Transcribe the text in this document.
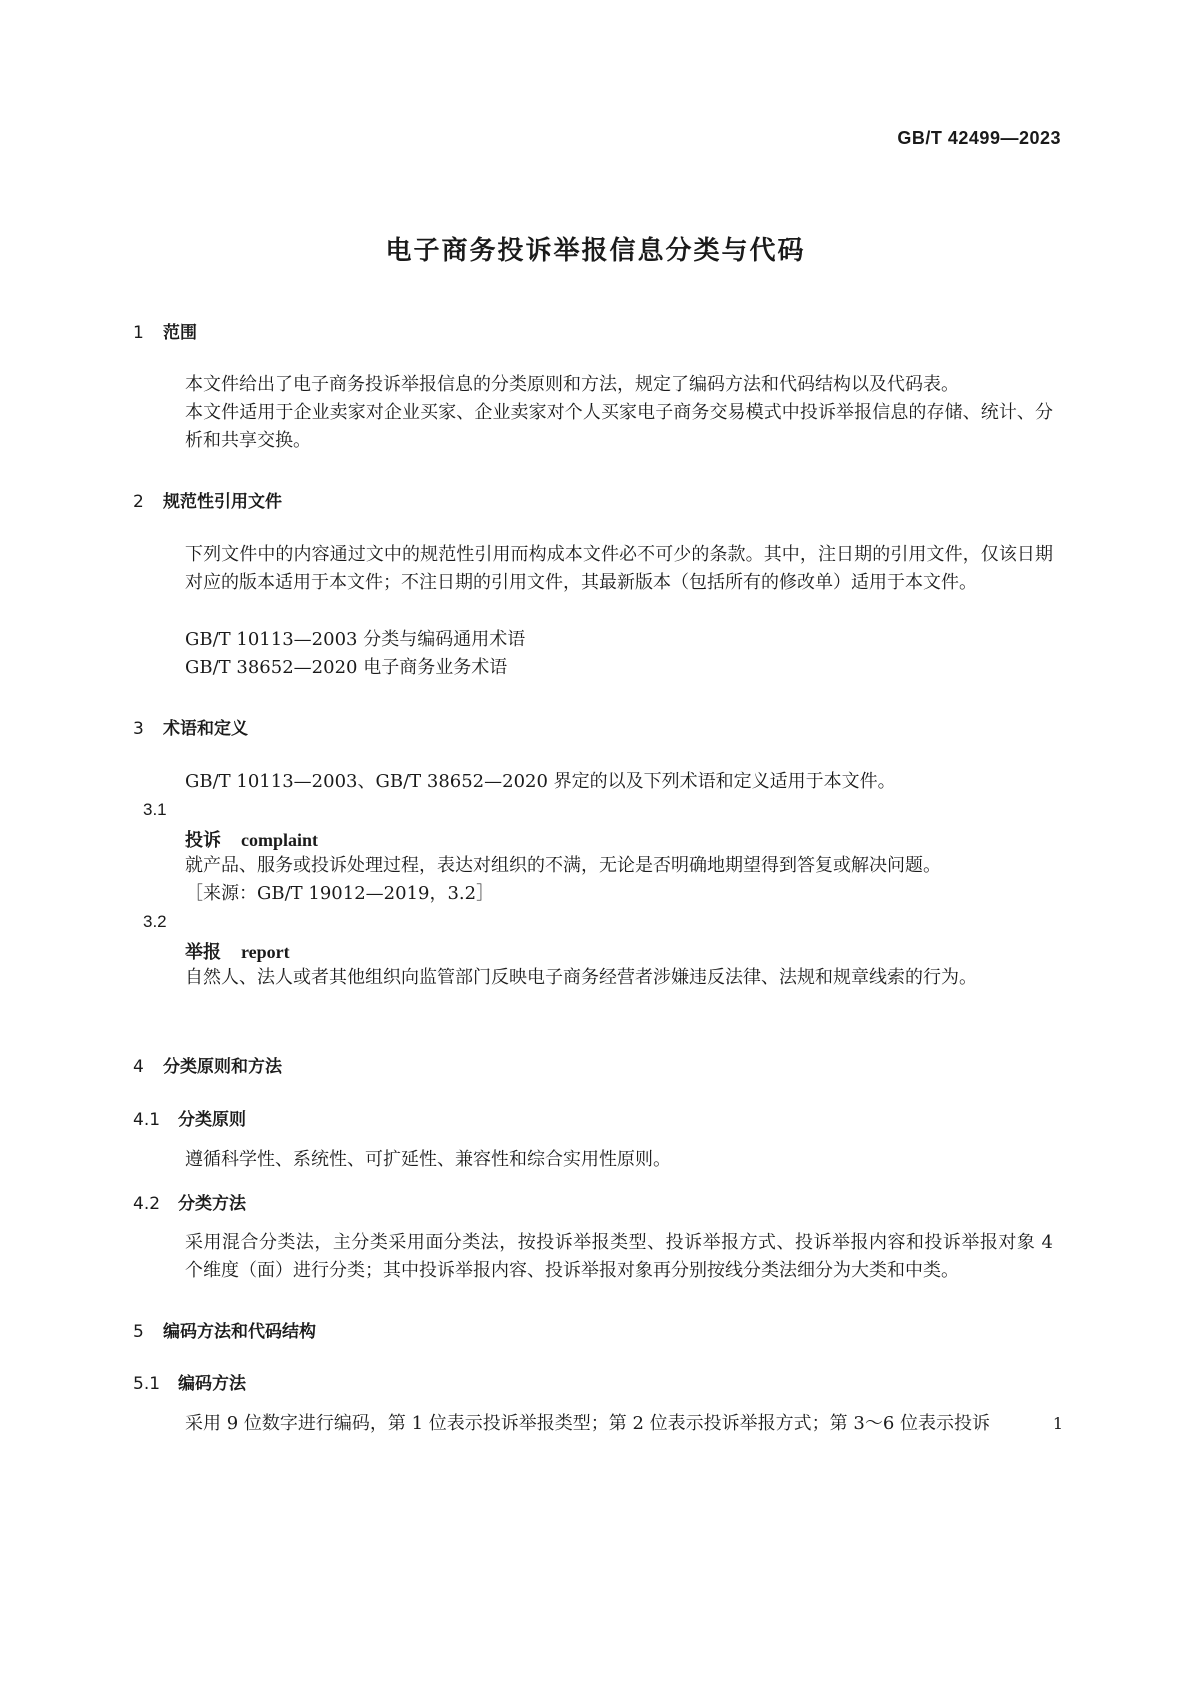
GB/T 42499—2023
电子商务投诉举报信息分类与代码
1 范围
本文件给出了电子商务投诉举报信息的分类原则和方法，规定了编码方法和代码结构以及代码表。
本文件适用于企业卖家对企业买家、企业卖家对个人买家电子商务交易模式中投诉举报信息的存储、统计、分析和共享交换。
2 规范性引用文件
下列文件中的内容通过文中的规范性引用而构成本文件必不可少的条款。其中，注日期的引用文件，仅该日期对应的版本适用于本文件；不注日期的引用文件，其最新版本（包括所有的修改单）适用于本文件。
GB/T 10113—2003 分类与编码通用术语
GB/T 38652—2020 电子商务业务术语
3 术语和定义
GB/T 10113—2003、GB/T 38652—2020 界定的以及下列术语和定义适用于本文件。
3.1
投诉 complaint
就产品、服务或投诉处理过程，表达对组织的不满，无论是否明确地期望得到答复或解决问题。
［来源：GB/T 19012—2019，3.2］
3.2
举报 report
自然人、法人或者其他组织向监管部门反映电子商务经营者涉嫌违反法律、法规和规章线索的行为。
4 分类原则和方法
4.1 分类原则
遵循科学性、系统性、可扩延性、兼容性和综合实用性原则。
4.2 分类方法
采用混合分类法，主分类采用面分类法，按投诉举报类型、投诉举报方式、投诉举报内容和投诉举报对象 4 个维度（面）进行分类；其中投诉举报内容、投诉举报对象再分别按线分类法细分为大类和中类。
5 编码方法和代码结构
5.1 编码方法
采用 9 位数字进行编码，第 1 位表示投诉举报类型；第 2 位表示投诉举报方式；第 3～6 位表示投诉	1
